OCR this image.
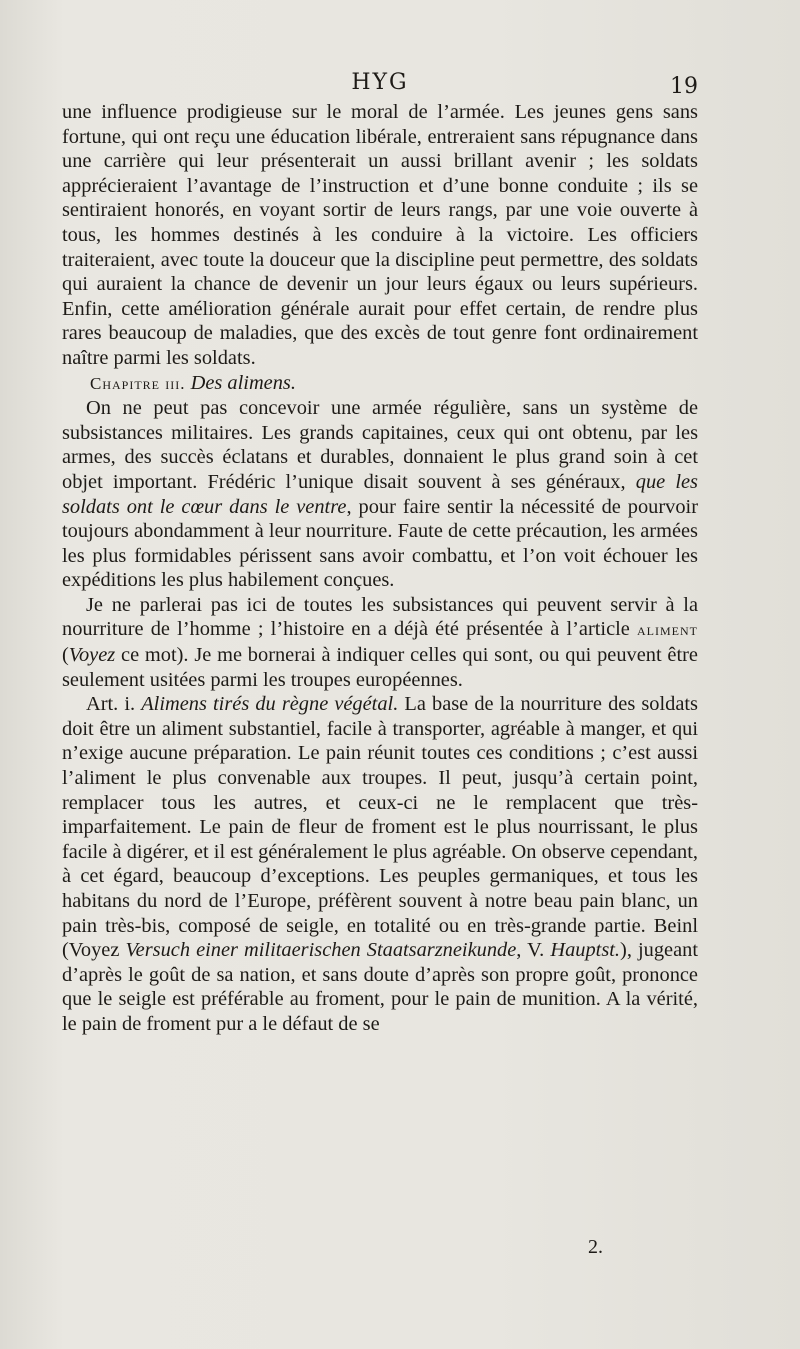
HYG	19

une influence prodigieuse sur le moral de l’armée. Les jeunes gens sans fortune, qui ont reçu une éducation libérale, entreraient sans répugnance dans une carrière qui leur présenterait un aussi brillant avenir ; les soldats apprécieraient l’avantage de l’instruction et d’une bonne conduite ; ils se sentiraient honorés, en voyant sortir de leurs rangs, par une voie ouverte à tous, les hommes destinés à les conduire à la victoire. Les officiers traiteraient, avec toute la douceur que la discipline peut permettre, des soldats qui auraient la chance de devenir un jour leurs égaux ou leurs supérieurs. Enfin, cette amélioration générale aurait pour effet certain, de rendre plus rares beaucoup de maladies, que des excès de tout genre font ordinairement naître parmi les soldats.

Chapitre iii. Des alimens.

On ne peut pas concevoir une armée régulière, sans un système de subsistances militaires. Les grands capitaines, ceux qui ont obtenu, par les armes, des succès éclatans et durables, donnaient le plus grand soin à cet objet important. Frédéric l’unique disait souvent à ses généraux, que les soldats ont le cœur dans le ventre, pour faire sentir la nécessité de pourvoir toujours abondamment à leur nourriture. Faute de cette précaution, les armées les plus formidables périssent sans avoir combattu, et l’on voit échouer les expéditions les plus habilement conçues.

Je ne parlerai pas ici de toutes les subsistances qui peuvent servir à la nourriture de l’homme ; l’histoire en a déjà été présentée à l’article aliment (Voyez ce mot). Je me bornerai à indiquer celles qui sont, ou qui peuvent être seulement usitées parmi les troupes européennes.

Art. i. Alimens tirés du règne végétal. La base de la nourriture des soldats doit être un aliment substantiel, facile à transporter, agréable à manger, et qui n’exige aucune préparation. Le pain réunit toutes ces conditions ; c’est aussi l’aliment le plus convenable aux troupes. Il peut, jusqu’à certain point, remplacer tous les autres, et ceux-ci ne le remplacent que très-imparfaitement. Le pain de fleur de froment est le plus nourrissant, le plus facile à digérer, et il est généralement le plus agréable. On observe cependant, à cet égard, beaucoup d’exceptions. Les peuples germaniques, et tous les habitans du nord de l’Europe, préfèrent souvent à notre beau pain blanc, un pain très-bis, composé de seigle, en totalité ou en très-grande partie. Beinl (Voyez Versuch einer militaerischen Staatsarzneikunde, V. Hauptst.), jugeant d’après le goût de sa nation, et sans doute d’après son propre goût, prononce que le seigle est préférable au froment, pour le pain de munition. A la vérité, le pain de froment pur a le défaut de se

2.
